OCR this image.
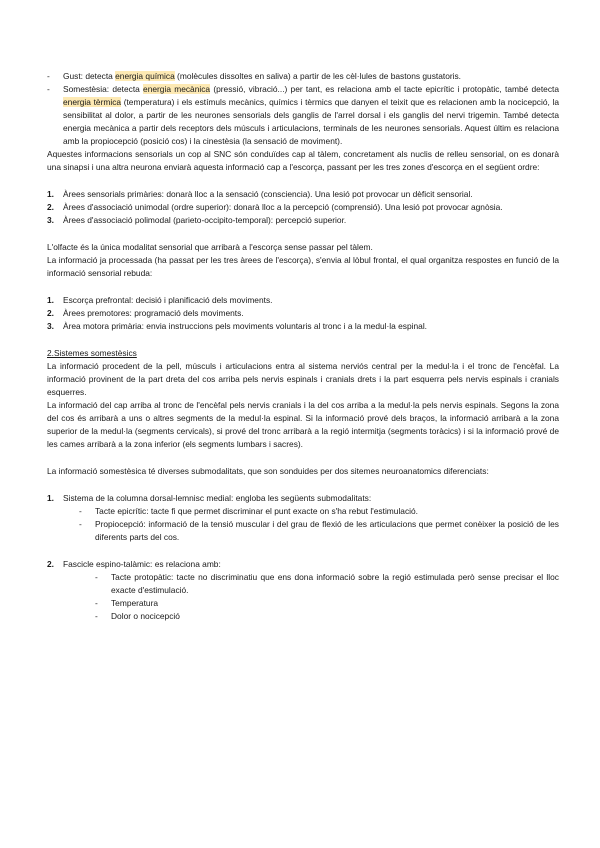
-	Gust: detecta energia química (molècules dissoltes en saliva) a partir de les cèl·lules de bastons gustatoris.
-	Somestèsia: detecta energia mecànica (pressió, vibració...) per tant, es relaciona amb el tacte epicrític i protopàtic, també detecta energia tèrmica (temperatura) i els estímuls mecànics, químics i tèrmics que danyen el teixit que es relacionen amb la nocicepció, la sensibilitat al dolor, a partir de les neurones sensorials dels ganglis de l'arrel dorsal i els ganglis del nervi trigemin. També detecta energia mecànica a partir dels receptors dels músculs i articulacions, terminals de les neurones sensorials. Aquest últim es relaciona amb la propiocepció (posició cos) i la cinestèsia (la sensació de moviment).

Aquestes informacions sensorials un cop al SNC són conduïdes cap al tàlem, concretament als nuclis de relleu sensorial, on es donarà una sinapsi i una altra neurona enviarà aquesta informació cap a l'escorça, passant per les tres zones d'escorça en el següent ordre:

1.	Àrees sensorials primàries: donarà lloc a la sensació (consciencia). Una lesió pot provocar un dèficit sensorial.
2.	Àrees d'associació unimodal (ordre superior): donarà lloc a la percepció (comprensió). Una lesió pot provocar agnòsia.
3.	Àrees d'associació polimodal (parieto-occipito-temporal): percepció superior.

L'olfacte és la única modalitat sensorial que arribarà a l'escorça sense passar pel tàlem.

La informació ja processada (ha passat per les tres àrees de l'escorça), s'envia al lòbul frontal, el qual organitza respostes en funció de la informació sensorial rebuda:

1.	Escorça prefrontal: decisió i planificació dels moviments.
2.	Àrees premotores: programació dels moviments.
3.	Àrea motora primària: envia instruccions pels moviments voluntaris al tronc i a la medul·la espinal.

2.Sistemes somestèsics

La informació procedent de la pell, músculs i articulacions entra al sistema nerviós central per la medul·la i el tronc de l'encèfal. La informació provinent de la part dreta del cos arriba pels nervis espinals i cranials drets i la part esquerra pels nervis espinals i cranials esquerres.

La informació del cap arriba al tronc de l'encèfal pels nervis cranials i la del cos arriba a la medul·la pels nervis espinals. Segons la zona del cos és arribarà a uns o altres segments de la medul·la espinal. Si la informació prové dels braços, la informació arribarà a la zona superior de la medul·la (segments cervicals), si prové del tronc arribarà a la regió intermitja (segments toràcics) i si la informació prové de les cames arribarà a la zona inferior (els segments lumbars i sacres).

La informació somestèsica té diverses submodalitats, que son sonduides per dos sitemes neuroanatomics diferenciats:

1.	Sistema de la columna dorsal-lemnisc medial: engloba les següents submodalitats:
-	Tacte epicrític: tacte fi que permet discriminar el punt exacte on s'ha rebut l'estimulació.
-	Propiocepció: informació de la tensió muscular i del grau de flexió de les articulacions que permet conèixer la posició de les diferents parts del cos.
2.	Fascicle espino-talàmic: es relaciona amb:
-	Tacte protopàtic: tacte no discriminatiu que ens dona informació sobre la regió estimulada però sense precisar el lloc exacte d'estimulació.
-	Temperatura
-	Dolor o nocicepció
